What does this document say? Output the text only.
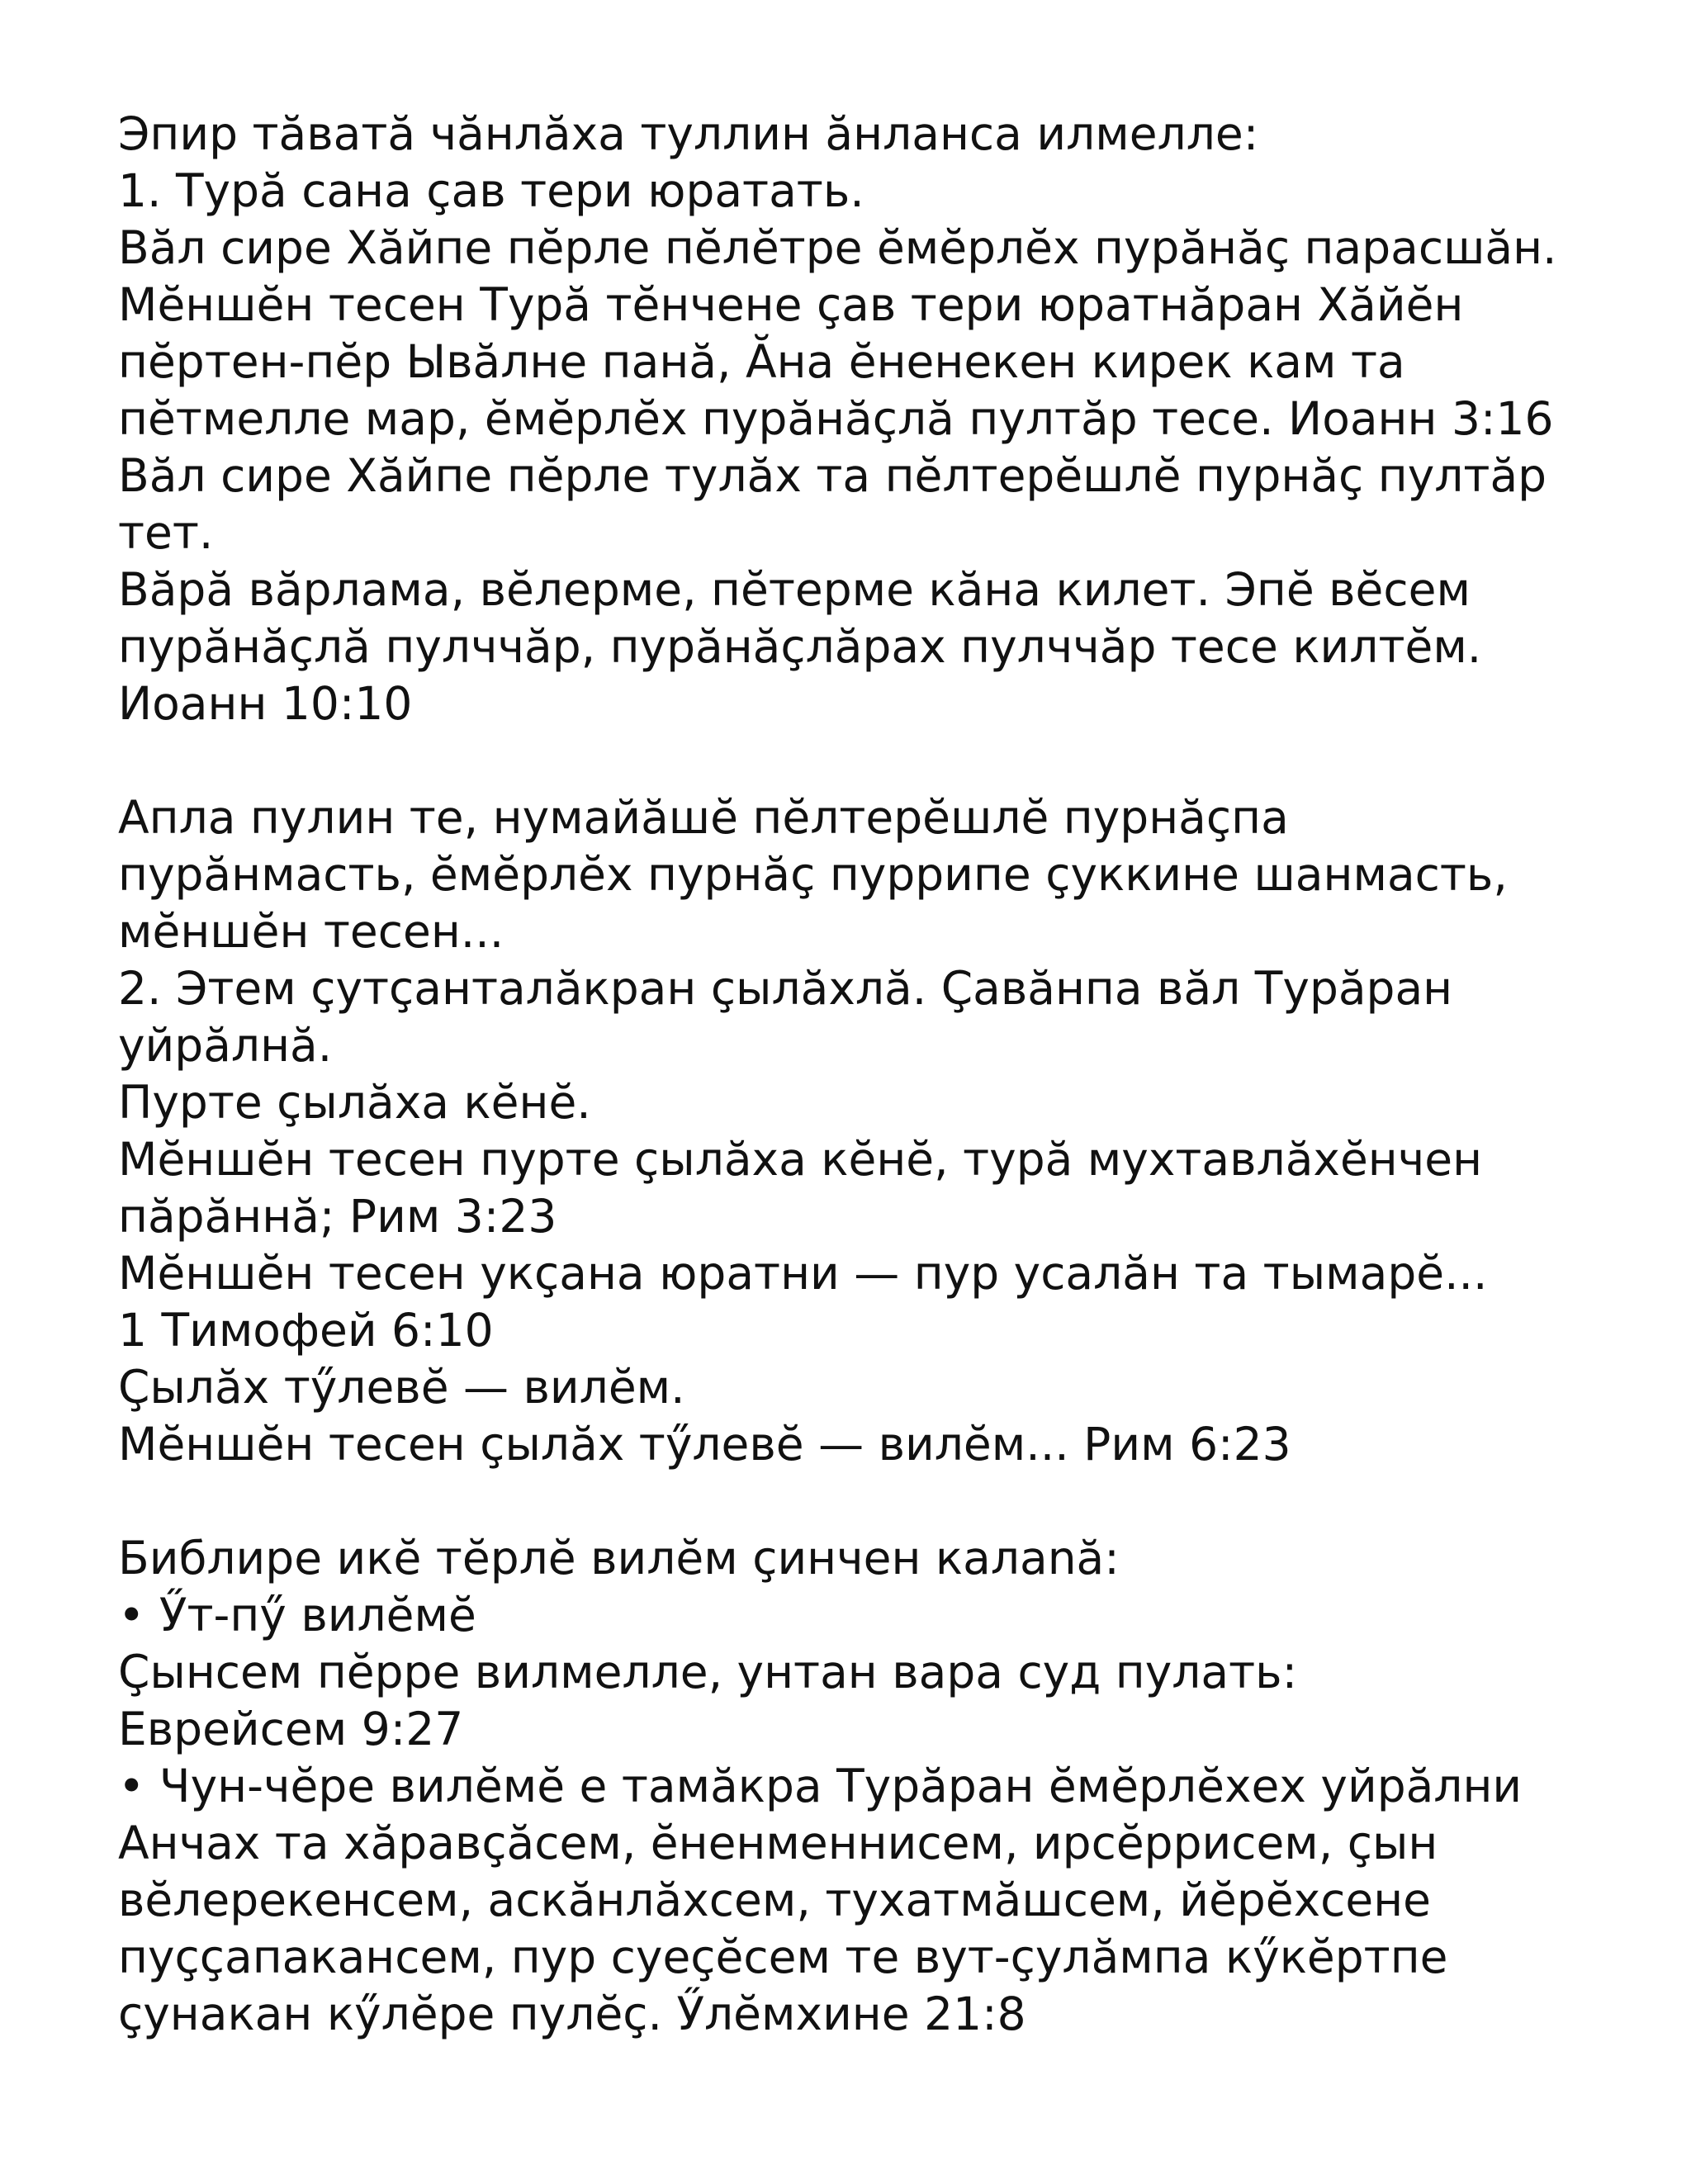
Эпир тăватă чăнлăха туллин ăнланса илмелле:
1. Турă сана çав тери юратать.
Вăл сире Хăйпе пĕрле пĕлĕтре ĕмĕрлĕх пурăнăç парасшăн.
Мĕншĕн тесен Турă тĕнчене çав тери юратнăран Хăйĕн
пĕртен-пĕр Ывăлне панă, Ăна ĕненекен кирек кам та
пĕтмелле мар, ĕмĕрлĕх пурăнăçлă пултăр тесе. Иоанн 3:16
Вăл сире Хăйпе пĕрле тулăх та пĕлтерĕшлĕ пурнăç пултăр
тет.
Вăрă вăрлама, вĕлерме, пĕтерме кăна килет. Эпĕ вĕсем
пурăнăçлă пулччăр, пурăнăçлăрах пулччăр тесе килтĕм.
Иоанн 10:10
Апла пулин те, нумайăшĕ пĕлтерĕшлĕ пурнăçпа
пурăнмасть, ĕмĕрлĕх пурнăç пуррипе çуккине шанмасть,
мĕншĕн тесен...
2. Этем çутçанталăкран çылăхлă. Çавăнпа вăл Турăран
уйрăлнă.
Пурте çылăха кĕнĕ.
Мĕншĕн тесен пурте çылăха кĕнĕ, турă мухтавлăхĕнчен
пăрăннă; Рим 3:23
Мĕншĕн тесен укçана юратни — пур усалăн та тымарĕ...
1 Тимофей 6:10
Çылăх тӳлевĕ — вилĕм.
Мĕншĕн тесен çылăх тӳлевĕ — вилĕм... Рим 6:23
Библире икĕ тĕрлĕ вилĕм çинчен калană:
• Ӳт-пӳ вилĕмĕ
Çынсем пĕрре вилмелле, унтан вара суд пулать:
Еврейсем 9:27
• Чун-чĕре вилĕмĕ е тамăкра Турăран ĕмĕрлĕхех уйрăлни
Анчах та хăравçăсем, ĕненменнисем, ирсĕррисем, çын
вĕлерекенсем, аскăнлăхсем, тухатмăшсем, йĕрĕхсене
пуççапакансем, пур суеçĕсем те вут-çулăмпа кӳкĕртпе
çунакан кӳлĕре пулĕç. Ӳлĕмхине 21:8
